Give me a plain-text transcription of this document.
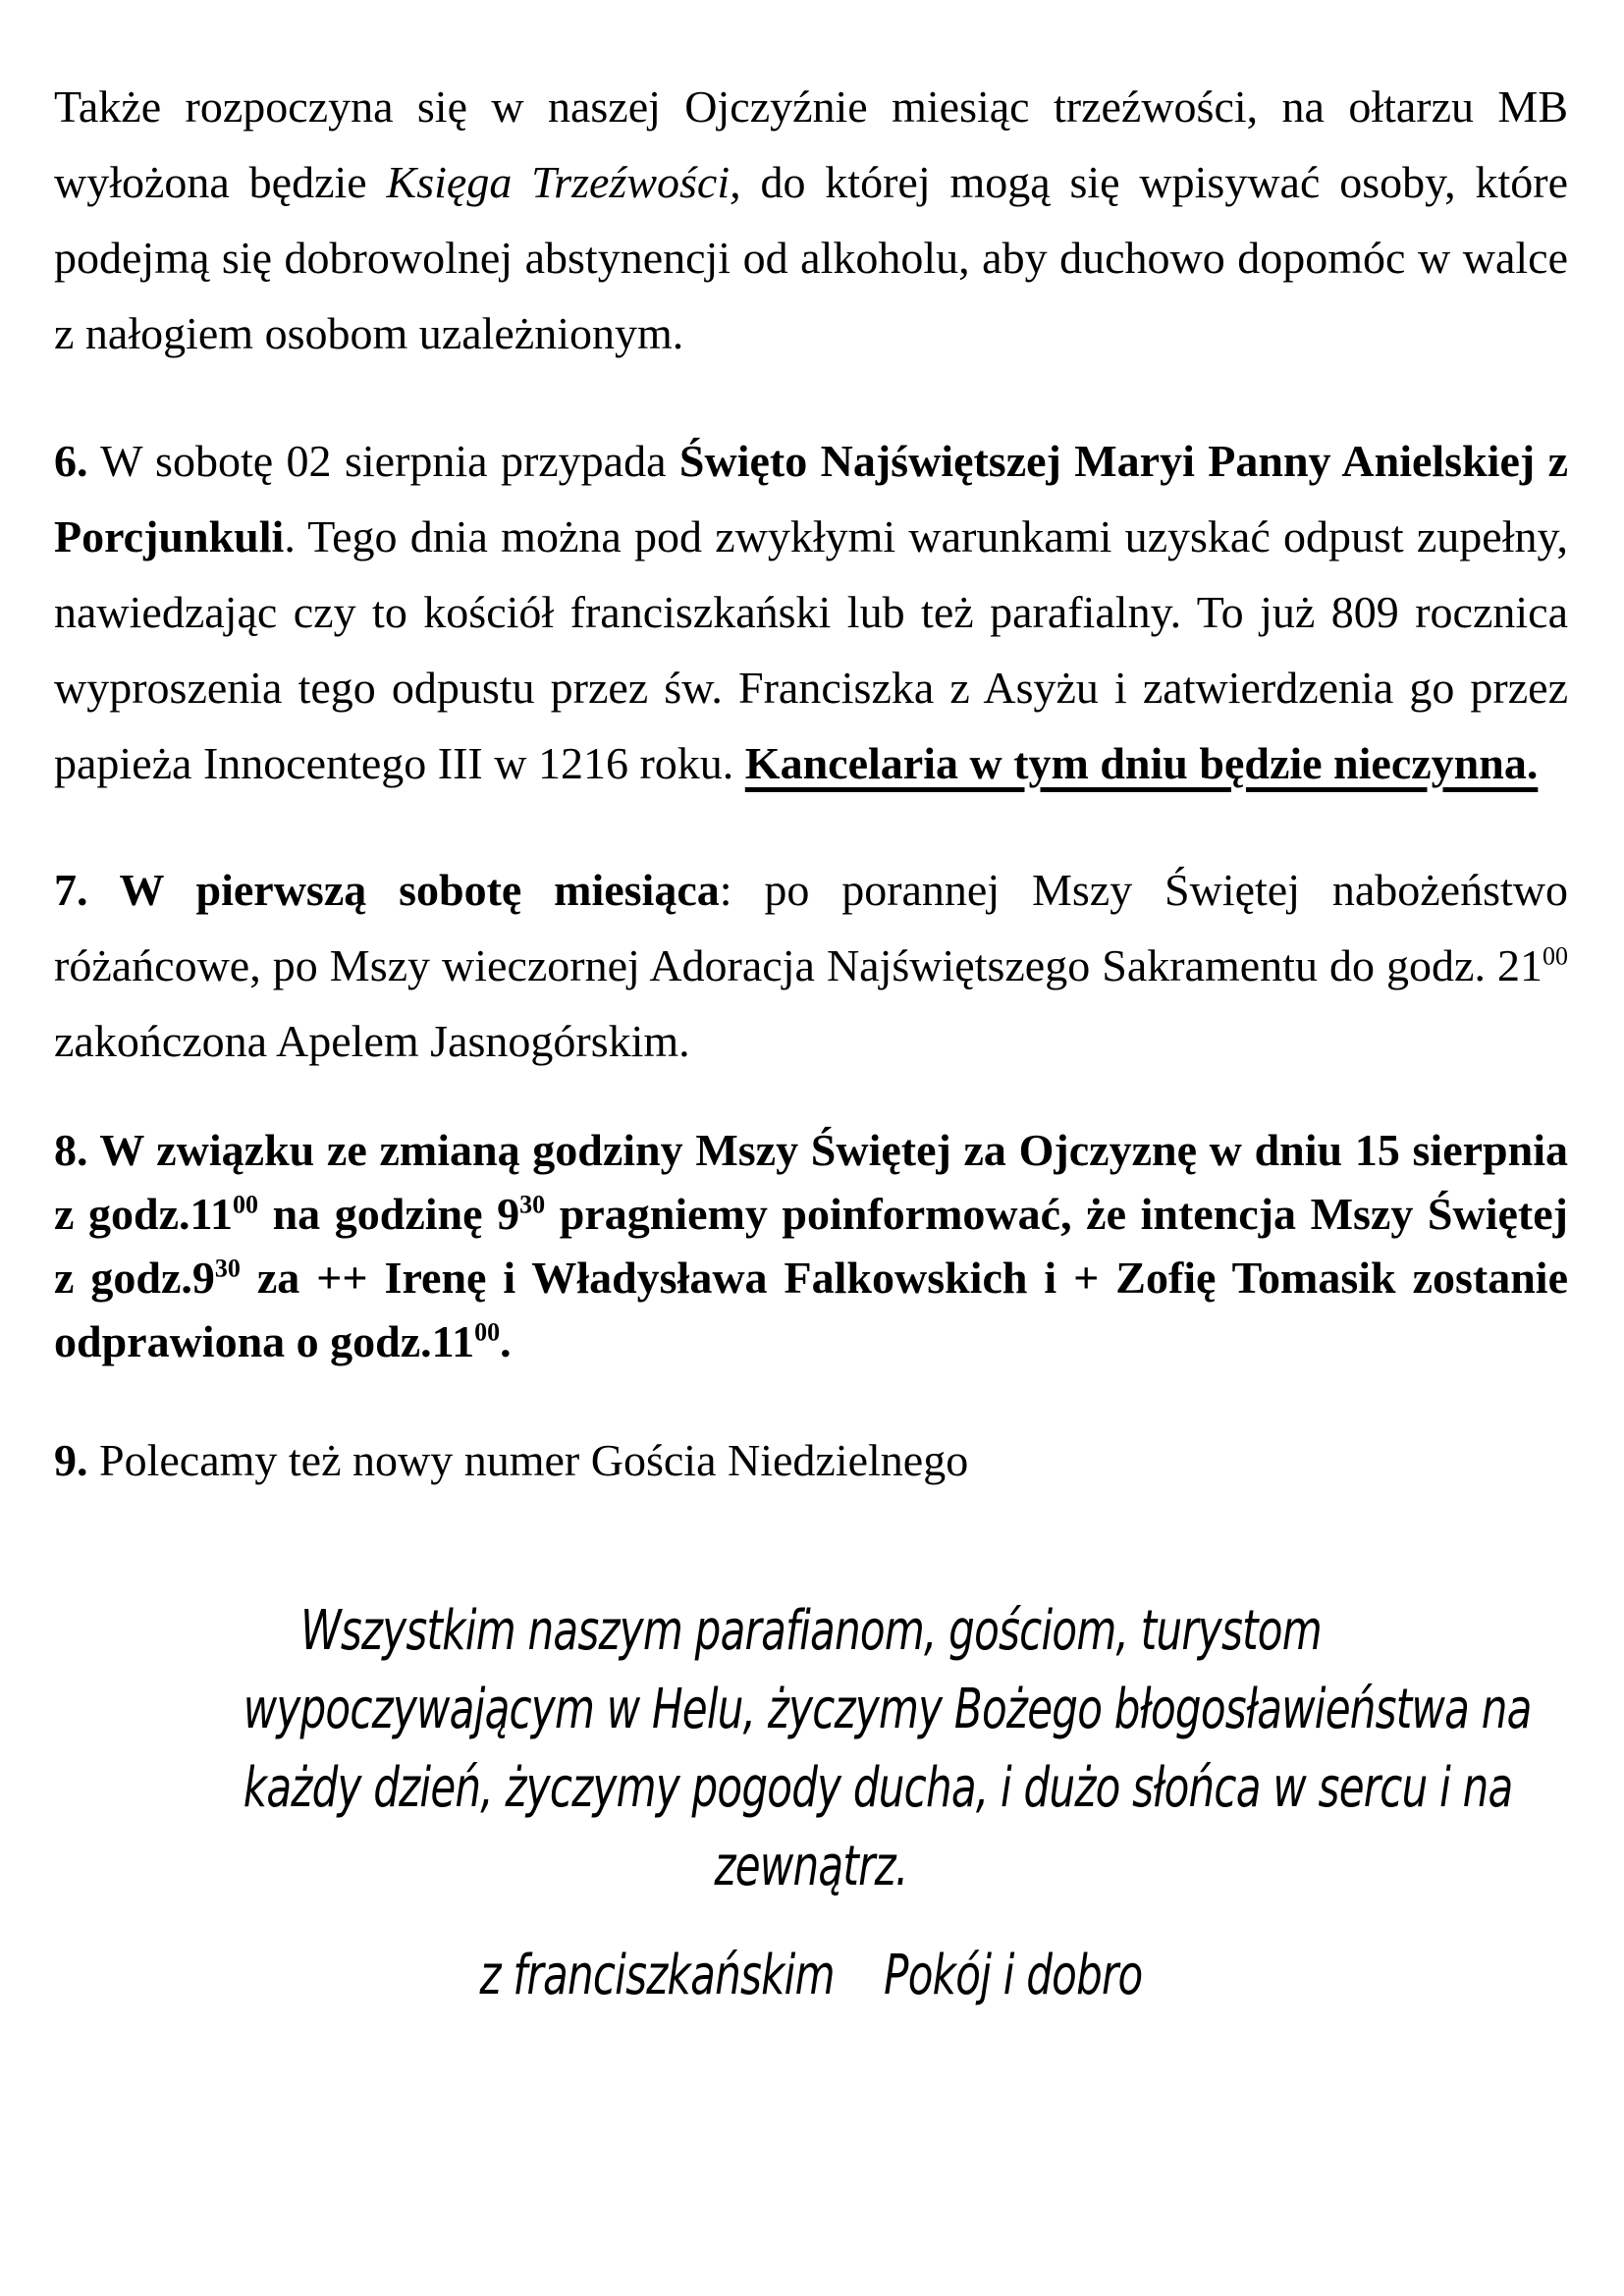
Także rozpoczyna się w naszej Ojczyźnie miesiąc trzeźwości, na ołtarzu MB wyłożona będzie Księga Trzeźwości, do której mogą się wpisywać osoby, które podejmą się dobrowolnej abstynencji od alkoholu, aby duchowo dopomóc w walce z nałogiem osobom uzależnionym.

6. W sobotę 02 sierpnia przypada Święto Najświętszej Maryi Panny Anielskiej z Porcjunkuli. Tego dnia można pod zwykłymi warunkami uzyskać odpust zupełny, nawiedzając czy to kościół franciszkański lub też parafialny. To już 809 rocznica wyproszenia tego odpustu przez św. Franciszka z Asyżu i zatwierdzenia go przez papieża Innocentego III w 1216 roku. Kancelaria w tym dniu będzie nieczynna.

7. W pierwszą sobotę miesiąca: po porannej Mszy Świętej nabożeństwo różańcowe, po Mszy wieczornej Adoracja Najświętszego Sakramentu do godz. $21^{00}$ zakończona Apelem Jasnogórskim.

8. W związku ze zmianą godziny Mszy Świętej za Ojczyznę w dniu 15 sierpnia z $godz.11^{00}$ na godzinę $9^{30}$ pragniemy poinformować, że intencja Mszy Świętej z $godz.9^{30}$ za ++ Irenę i Władysława Falkowskich i + Zofię Tomasik zostanie odprawiona o $godz.11^{00}$.

9. Polecamy też nowy numer Gościa Niedzielnego

Wszystkim naszym parafianom, gościom, turystom
wypoczywającym w Helu, życzymy Bożego błogosławieństwa na
każdy dzień, życzymy pogody ducha, i dużo słońca w sercu i na
zewnątrz.
z franciszkańskim    Pokój i dobro
